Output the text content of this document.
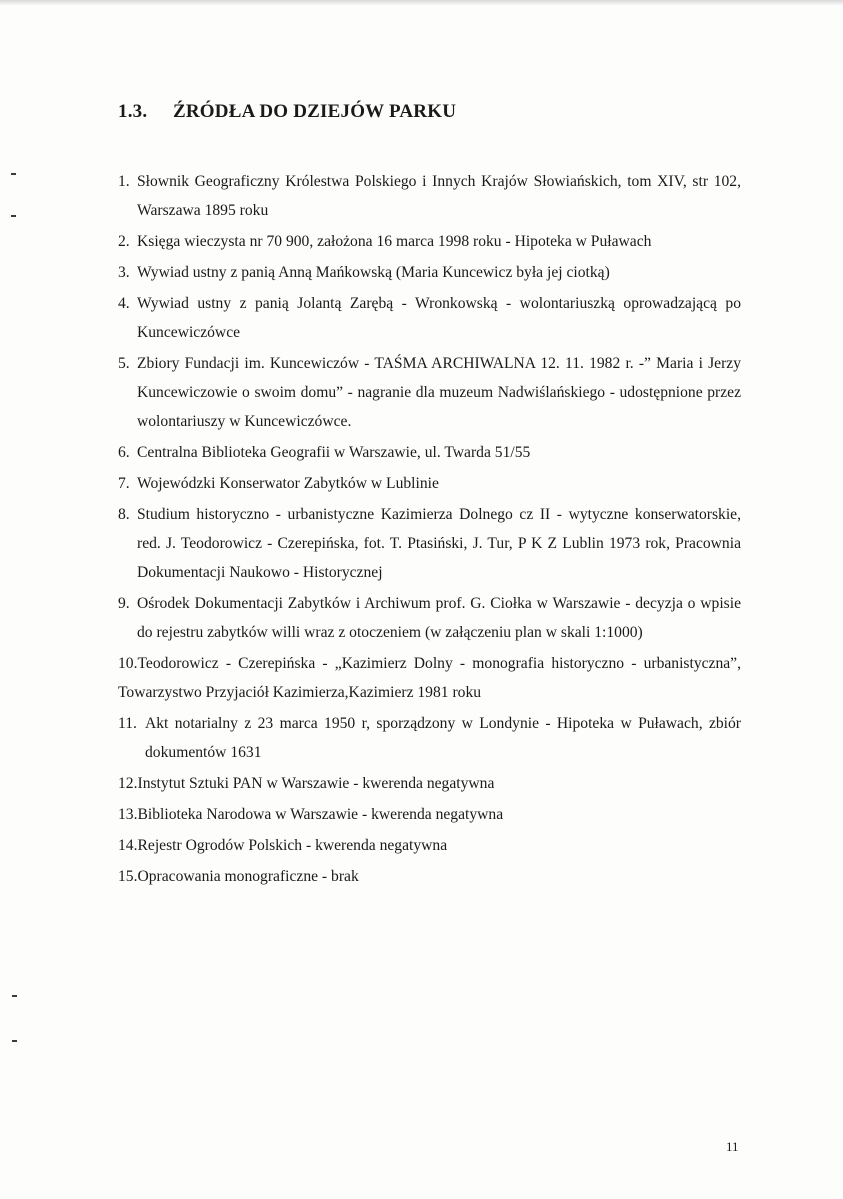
1.3. ŹRÓDŁA DO DZIEJÓW PARKU
1. Słownik Geograficzny Królestwa Polskiego i Innych Krajów Słowiańskich, tom XIV, str 102, Warszawa 1895 roku
2. Księga wieczysta nr 70 900, założona 16 marca 1998 roku - Hipoteka w Puławach
3. Wywiad ustny z panią Anną Mańkowską (Maria Kuncewicz była jej ciotką)
4. Wywiad ustny z panią Jolantą Zarębą - Wronkowską - wolontariuszką oprowadzającą po Kuncewiczówce
5. Zbiory Fundacji im. Kuncewiczów - TAŚMA ARCHIWALNA 12. 11. 1982 r. -” Maria i Jerzy Kuncewiczowie o swoim domu” - nagranie dla muzeum Nadwiślańskiego - udostępnione przez wolontariuszy w Kuncewiczówce.
6. Centralna Biblioteka Geografii w Warszawie, ul. Twarda 51/55
7. Wojewódzki Konserwator Zabytków w Lublinie
8. Studium historyczno - urbanistyczne Kazimierza Dolnego cz II - wytyczne konserwatorskie, red. J. Teodorowicz - Czerepińska, fot. T. Ptasiński, J. Tur, P K Z Lublin 1973 rok, Pracownia Dokumentacji Naukowo - Historycznej
9. Ośrodek Dokumentacji Zabytków i Archiwum prof. G. Ciołka w Warszawie - decyzja o wpisie do rejestru zabytków willi wraz z otoczeniem (w załączeniu plan w skali 1:1000)
10.Teodorowicz - Czerepińska - „Kazimierz Dolny - monografia historyczno - urbanistyczna”, Towarzystwo Przyjaciół Kazimierza,Kazimierz 1981 roku
11. Akt notarialny z 23 marca 1950 r, sporządzony w Londynie - Hipoteka w Puławach, zbiór dokumentów 1631
12.Instytut Sztuki PAN w Warszawie - kwerenda negatywna
13.Biblioteka Narodowa w Warszawie - kwerenda negatywna
14.Rejestr Ogrodów Polskich - kwerenda negatywna
15.Opracowania monograficzne - brak
11
